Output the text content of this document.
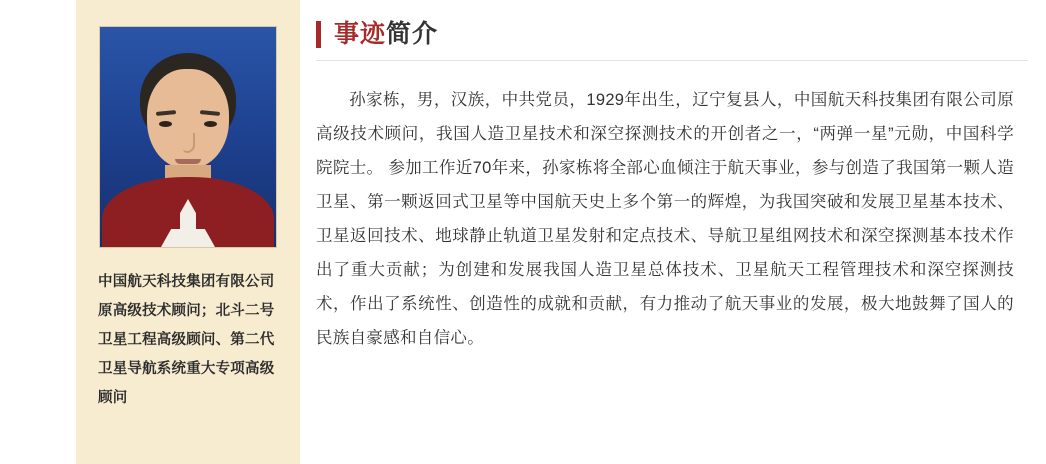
中国航天科技集团有限公司
原高级技术顾问；北斗二号卫星工程高级顾问、第二代卫星导航系统重大专项高级顾问
事迹简介
孙家栋，男，汉族，中共党员，1929年出生，辽宁复县人，中国航天科技集团有限公司原高级技术顾问，我国人造卫星技术和深空探测技术的开创者之一，“两弹一星”元勋，中国科学院院士。 参加工作近70年来，孙家栋将全部心血倾注于航天事业，参与创造了我国第一颗人造卫星、第一颗返回式卫星等中国航天史上多个第一的辉煌，为我国突破和发展卫星基本技术、卫星返回技术、地球静止轨道卫星发射和定点技术、导航卫星组网技术和深空探测基本技术作出了重大贡献；为创建和发展我国人造卫星总体技术、卫星航天工程管理技术和深空探测技术，作出了系统性、创造性的成就和贡献，有力推动了航天事业的发展，极大地鼓舞了国人的民族自豪感和自信心。
